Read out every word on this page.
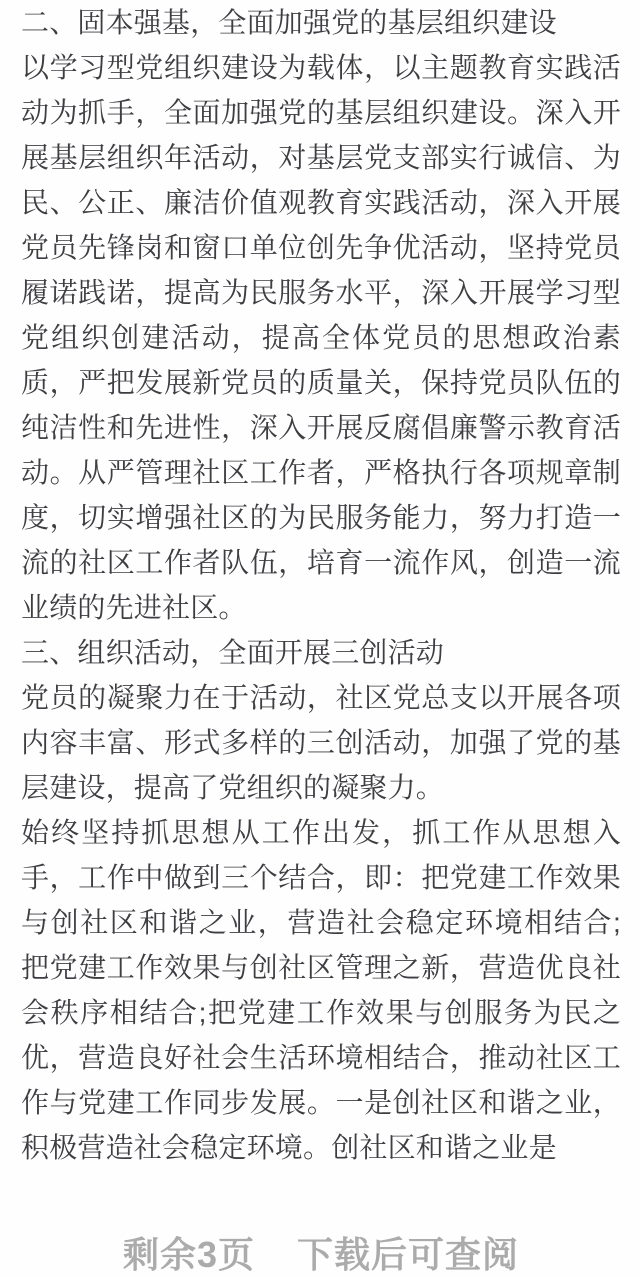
二、固本强基，全面加强党的基层组织建设

以学习型党组织建设为载体，以主题教育实践活动为抓手，全面加强党的基层组织建设。深入开展基层组织年活动，对基层党支部实行诚信、为民、公正、廉洁价值观教育实践活动，深入开展党员先锋岗和窗口单位创先争优活动，坚持党员履诺践诺，提高为民服务水平，深入开展学习型党组织创建活动，提高全体党员的思想政治素质，严把发展新党员的质量关，保持党员队伍的纯洁性和先进性，深入开展反腐倡廉警示教育活动。从严管理社区工作者，严格执行各项规章制度，切实增强社区的为民服务能力，努力打造一流的社区工作者队伍，培育一流作风，创造一流业绩的先进社区。

三、组织活动，全面开展三创活动

党员的凝聚力在于活动，社区党总支以开展各项内容丰富、形式多样的三创活动，加强了党的基层建设，提高了党组织的凝聚力。

始终坚持抓思想从工作出发，抓工作从思想入手，工作中做到三个结合，即：把党建工作效果与创社区和谐之业，营造社会稳定环境相结合;把党建工作效果与创社区管理之新，营造优良社会秩序相结合;把党建工作效果与创服务为民之优，营造良好社会生活环境相结合，推动社区工作与党建工作同步发展。一是创社区和谐之业，积极营造社会稳定环境。创社区和谐之业是

剩余3页 下载后可查阅
